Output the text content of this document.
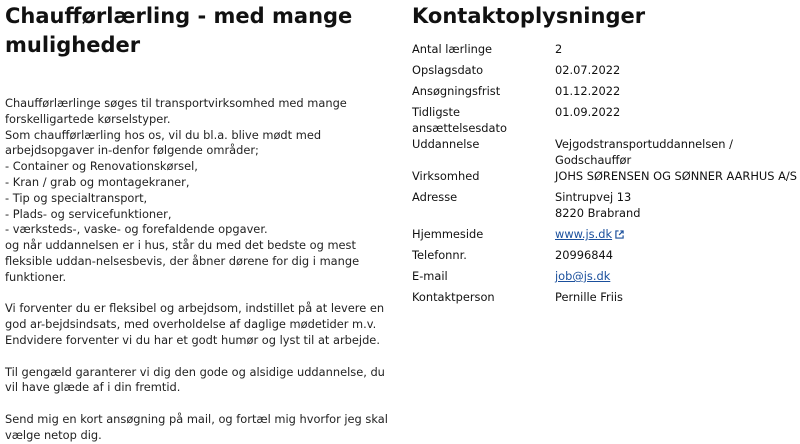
Chaufførlærling - med mange muligheder

Chaufførlærlinge søges til transportvirksomhed med mange forskelligartede kørselstyper.
Som chaufførlærling hos os, vil du bl.a. blive mødt med arbejdsopgaver in-denfor følgende områder;
- Container og Renovationskørsel,
- Kran / grab og montagekraner,
- Tip og specialtransport,
- Plads- og servicefunktioner,
- værksteds-, vaske- og forefaldende opgaver.
og når uddannelsen er i hus, står du med det bedste og mest fleksible uddan-nelsesbevis, der åbner dørene for dig i mange funktioner.

Vi forventer du er fleksibel og arbejdsom, indstillet på at levere en god ar-bejdsindsats, med overholdelse af daglige mødetider m.v.
Endvidere forventer vi du har et godt humør og lyst til at arbejde.

Til gengæld garanterer vi dig den gode og alsidige uddannelse, du vil have glæde af i din fremtid.

Send mig en kort ansøgning på mail, og fortæl mig hvorfor jeg skal vælge netop dig.

Kontaktoplysninger
Antal lærlinge	2
Opslagsdato	02.07.2022
Ansøgningsfrist	01.12.2022
Tidligste ansættelsesdato	01.09.2022
Uddannelse	Vejgodstransportuddannelsen / Godschauffør
Virksomhed	JOHS SØRENSEN OG SØNNER AARHUS A/S
Adresse	Sintrupvej 13
8220 Brabrand

Hjemmeside	www.js.dk
Telefonnr.	20996844
E-mail	job@js.dk
Kontaktperson	Pernille Friis
